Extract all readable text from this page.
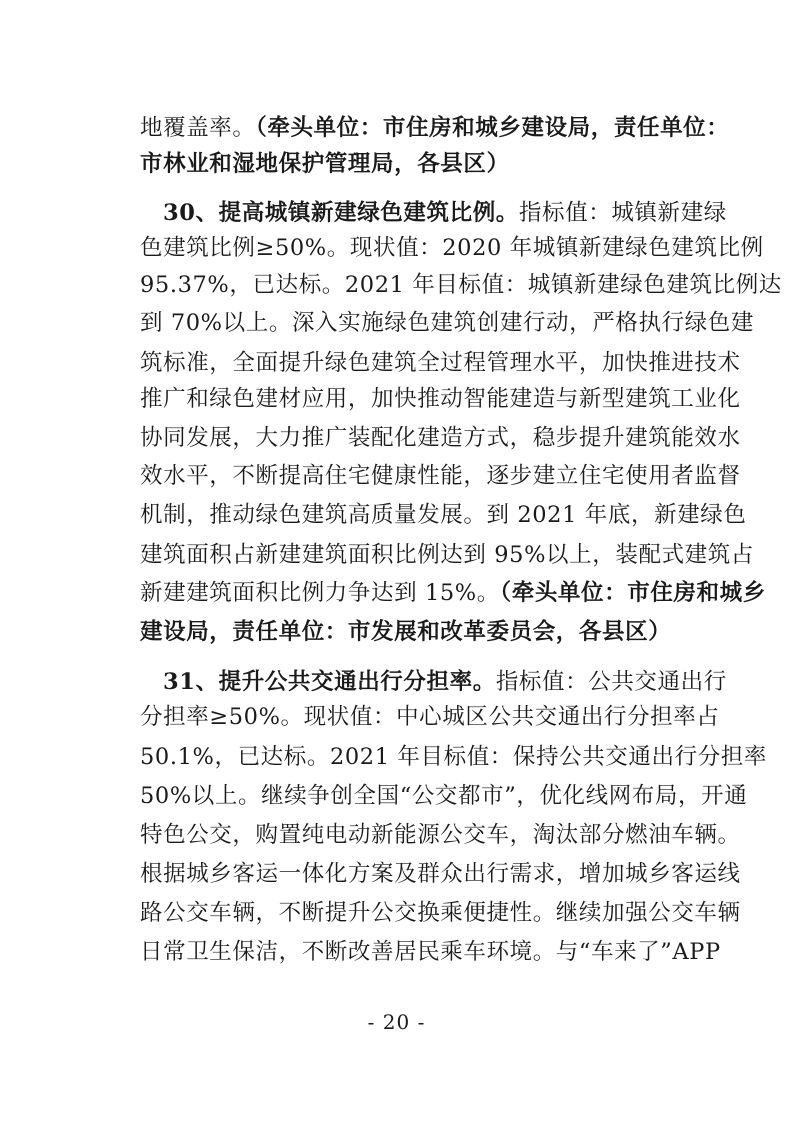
地覆盖率。（牵头单位：市住房和城乡建设局，责任单位：
市林业和湿地保护管理局，各县区）
30、提高城镇新建绿色建筑比例。指标值：城镇新建绿
色建筑比例≥50%。现状值：2020 年城镇新建绿色建筑比例
95.37%，已达标。2021 年目标值：城镇新建绿色建筑比例达
到 70%以上。深入实施绿色建筑创建行动，严格执行绿色建
筑标准，全面提升绿色建筑全过程管理水平，加快推进技术
推广和绿色建材应用，加快推动智能建造与新型建筑工业化
协同发展，大力推广装配化建造方式，稳步提升建筑能效水
效水平，不断提高住宅健康性能，逐步建立住宅使用者监督
机制，推动绿色建筑高质量发展。到 2021 年底，新建绿色
建筑面积占新建建筑面积比例达到 95%以上，装配式建筑占
新建建筑面积比例力争达到 15%。（牵头单位：市住房和城乡
建设局，责任单位：市发展和改革委员会，各县区）
31、提升公共交通出行分担率。指标值：公共交通出行
分担率≥50%。现状值：中心城区公共交通出行分担率占
50.1%，已达标。2021 年目标值：保持公共交通出行分担率
50%以上。继续争创全国“公交都市”，优化线网布局，开通
特色公交，购置纯电动新能源公交车，淘汰部分燃油车辆。
根据城乡客运一体化方案及群众出行需求，增加城乡客运线
路公交车辆，不断提升公交换乘便捷性。继续加强公交车辆
日常卫生保洁，不断改善居民乘车环境。与“车来了”APP
- 20 -
